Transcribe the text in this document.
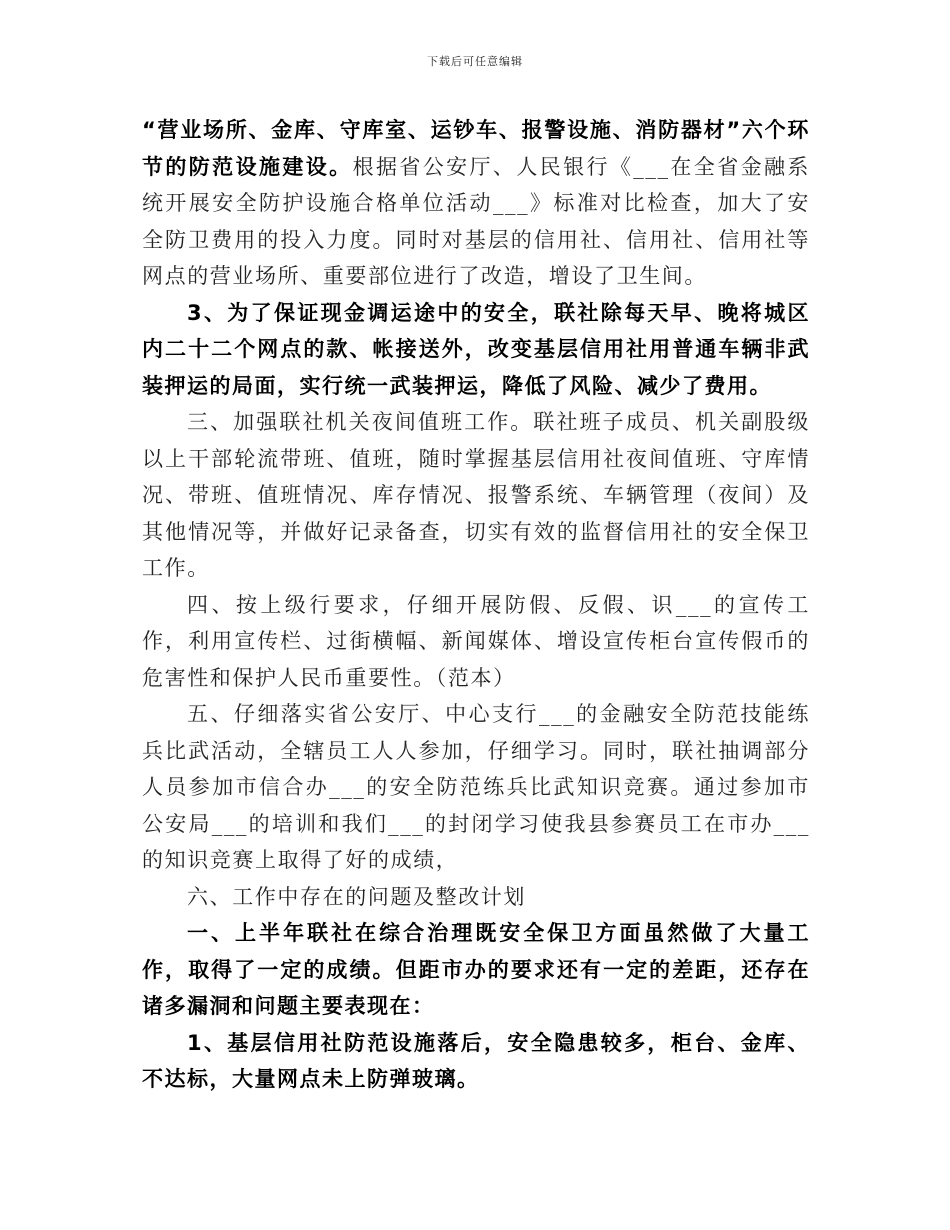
下载后可任意编辑

“营业场所、金库、守库室、运钞车、报警设施、消防器材”六个环节的防范设施建设。根据省公安厅、人民银行《___在全省金融系统开展安全防护设施合格单位活动___》标准对比检查，加大了安全防卫费用的投入力度。同时对基层的信用社、信用社、信用社等网点的营业场所、重要部位进行了改造，增设了卫生间。

3、为了保证现金调运途中的安全，联社除每天早、晚将城区内二十二个网点的款、帐接送外，改变基层信用社用普通车辆非武装押运的局面，实行统一武装押运，降低了风险、减少了费用。

三、加强联社机关夜间值班工作。联社班子成员、机关副股级以上干部轮流带班、值班，随时掌握基层信用社夜间值班、守库情况、带班、值班情况、库存情况、报警系统、车辆管理（夜间）及其他情况等，并做好记录备查，切实有效的监督信用社的安全保卫工作。

四、按上级行要求，仔细开展防假、反假、识___的宣传工作，利用宣传栏、过街横幅、新闻媒体、增设宣传柜台宣传假币的危害性和保护人民币重要性。（范本）

五、仔细落实省公安厅、中心支行___的金融安全防范技能练兵比武活动，全辖员工人人参加，仔细学习。同时，联社抽调部分人员参加市信合办___的安全防范练兵比武知识竞赛。通过参加市公安局___的培训和我们___的封闭学习使我县参赛员工在市办___的知识竞赛上取得了好的成绩，

六、工作中存在的问题及整改计划

一、上半年联社在综合治理既安全保卫方面虽然做了大量工作，取得了一定的成绩。但距市办的要求还有一定的差距，还存在诸多漏洞和问题主要表现在：

1、基层信用社防范设施落后，安全隐患较多，柜台、金库、不达标，大量网点未上防弹玻璃。
